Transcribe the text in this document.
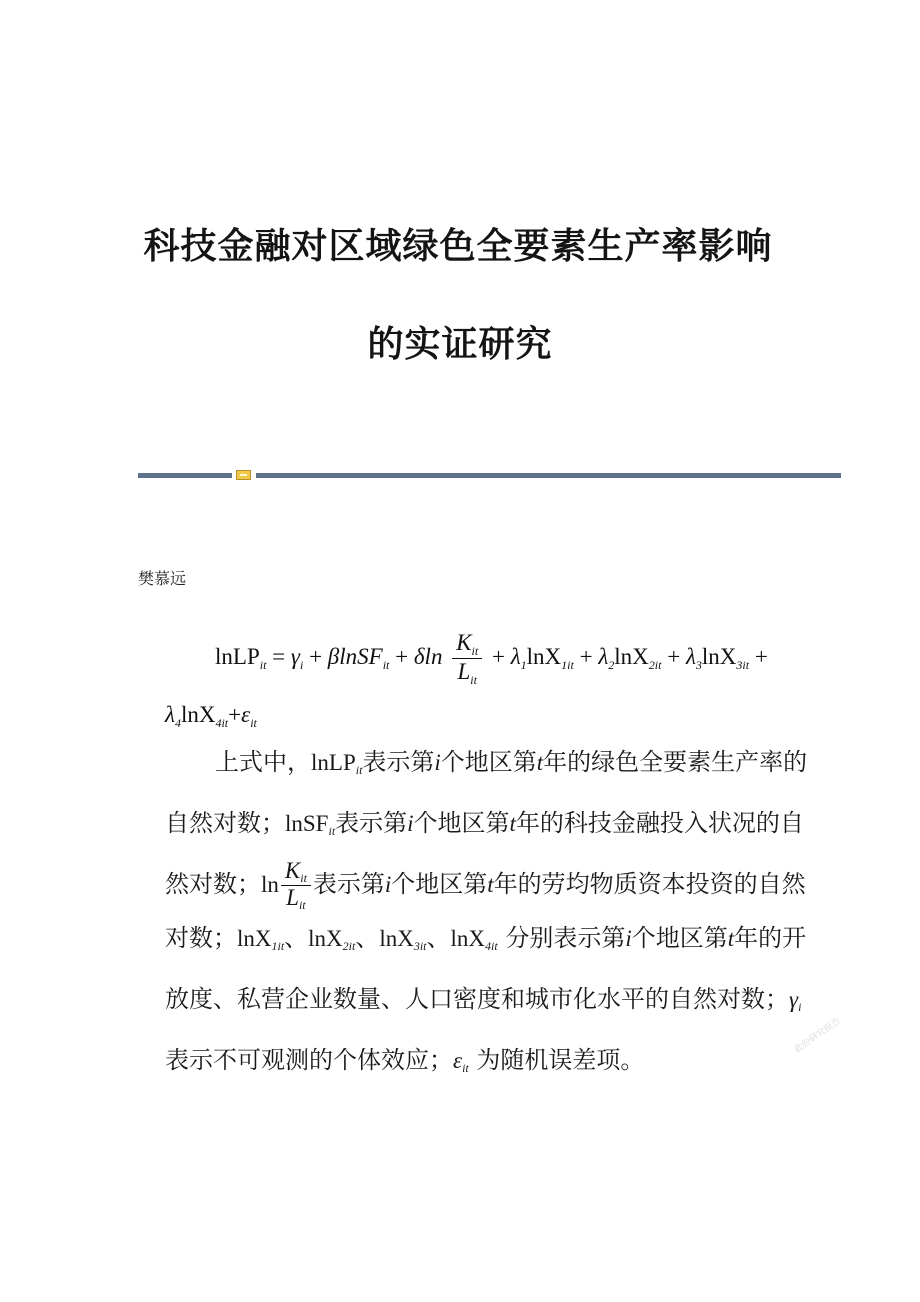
科技金融对区域绿色全要素生产率影响
的实证研究
樊慕远
lnLP$_{it}$ = $\gamma_i$ + βlnSF$_{it}$ + δln $\frac{K_{it}}{L_{it}} + \lambda_1\ln X_{1it} + \lambda_2\ln X_{2it} + \lambda_3\ln X_{3it}$ +
$\lambda_4\ln X_{4it}+\varepsilon_{it}$
上式中，lnLP$_{it}$表示第i个地区第t年的绿色全要素生产率的自然对数；lnSF$_{it}$表示第i个地区第t年的科技金融投入状况的自然对数；$\ln \frac{K_{it}}{L_{it}}$ 表示第i个地区第t年的劳均物质资本投资的自然对数；lnX$_{1it}$、lnX$_{2it}$、lnX$_{3it}$、lnX$_{4it}$ 分别表示第i个地区第t年的开放度、私营企业数量、人口密度和城市化水平的自然对数；$\gamma_i$ 表示不可观测的个体效应；$\varepsilon_{it}$ 为随机误差项。
此份研究报告
